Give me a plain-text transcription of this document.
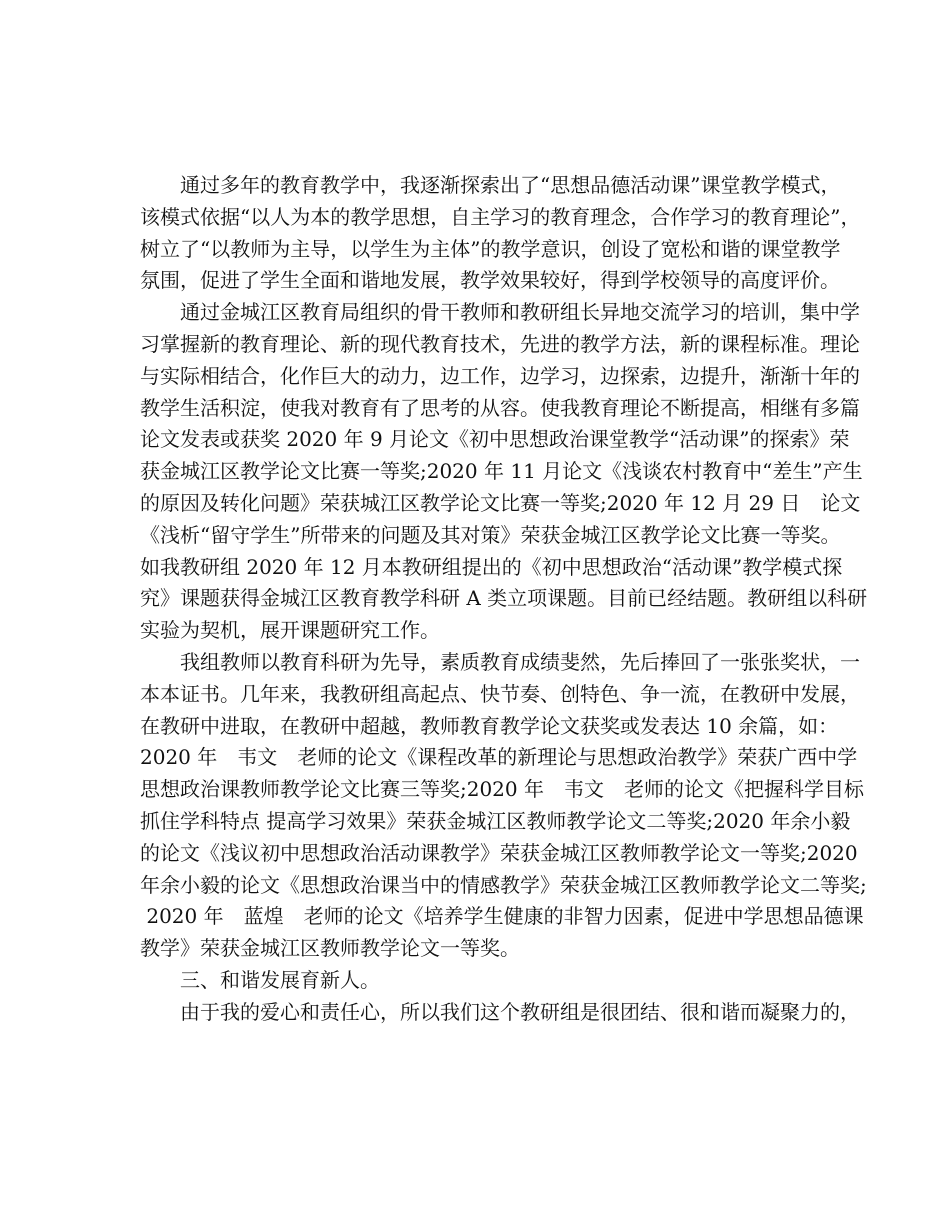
通过多年的教育教学中，我逐渐探索出了“思想品德活动课”课堂教学模式，
该模式依据“以人为本的教学思想，自主学习的教育理念，合作学习的教育理论”，
树立了“以教师为主导，以学生为主体”的教学意识，创设了宽松和谐的课堂教学
氛围，促进了学生全面和谐地发展，教学效果较好，得到学校领导的高度评价。
通过金城江区教育局组织的骨干教师和教研组长异地交流学习的培训，集中学
习掌握新的教育理论、新的现代教育技术，先进的教学方法，新的课程标准。理论
与实际相结合，化作巨大的动力，边工作，边学习，边探索，边提升，渐渐十年的
教学生活积淀，使我对教育有了思考的从容。使我教育理论不断提高，相继有多篇
论文发表或获奖 2020 年 9 月论文《初中思想政治课堂教学“活动课”的探索》荣
获金城江区教学论文比赛一等奖;2020 年 11 月论文《浅谈农村教育中“差生”产生
的原因及转化问题》荣获城江区教学论文比赛一等奖;2020 年 12 月 29 日　论文
《浅析“留守学生”所带来的问题及其对策》荣获金城江区教学论文比赛一等奖。
如我教研组 2020 年 12 月本教研组提出的《初中思想政治“活动课”教学模式探
究》课题获得金城江区教育教学科研 A 类立项课题。目前已经结题。教研组以科研
实验为契机，展开课题研究工作。
我组教师以教育科研为先导，素质教育成绩斐然，先后捧回了一张张奖状，一
本本证书。几年来，我教研组高起点、快节奏、创特色、争一流，在教研中发展，
在教研中进取，在教研中超越，教师教育教学论文获奖或发表达 10 余篇，如：
2020 年　韦文　老师的论文《课程改革的新理论与思想政治教学》荣获广西中学
思想政治课教师教学论文比赛三等奖;2020 年　韦文　老师的论文《把握科学目标
抓住学科特点 提高学习效果》荣获金城江区教师教学论文二等奖;2020 年余小毅
的论文《浅议初中思想政治活动课教学》荣获金城江区教师教学论文一等奖;2020
年余小毅的论文《思想政治课当中的情感教学》荣获金城江区教师教学论文二等奖;
2020 年　蓝煌　老师的论文《培养学生健康的非智力因素，促进中学思想品德课
教学》荣获金城江区教师教学论文一等奖。
三、和谐发展育新人。
由于我的爱心和责任心，所以我们这个教研组是很团结、很和谐而凝聚力的，
